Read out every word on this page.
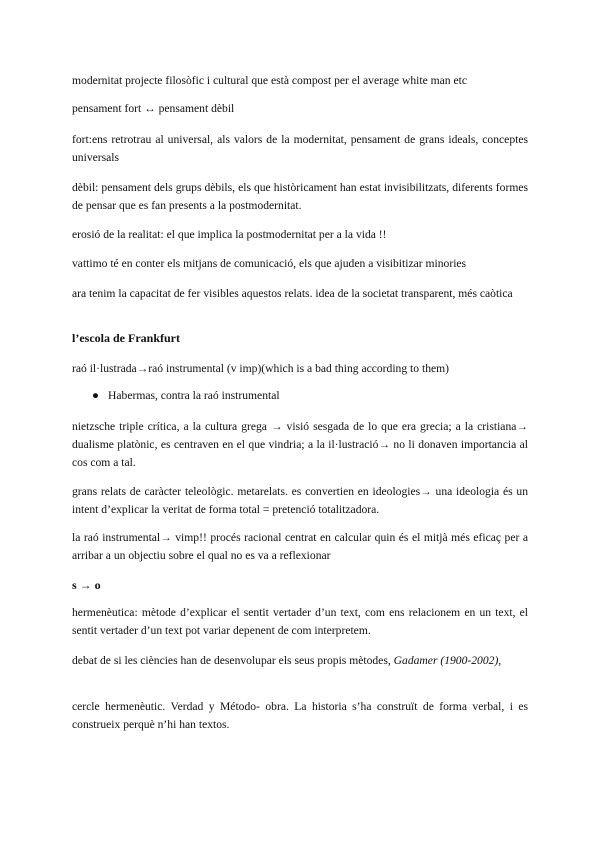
modernitat projecte filosòfic i cultural que està compost per el average white man etc

pensament fort ↔ pensament dèbil

fort:ens retrotrau al universal, als valors de la modernitat, pensament de grans ideals, conceptes universals

dèbil: pensament dels grups dèbils, els que històricament han estat invisibilitzats, diferents formes de pensar que es fan presents a la postmodernitat.

erosió de la realitat: el que implica la postmodernitat per a la vida !!

vattimo té en conter els mitjans de comunicació, els que ajuden a visibitizar minories

ara tenim la capacitat de fer visibles aquestos relats. idea de la societat transparent, més caòtica

l’escola de Frankfurt

raó il·lustrada→raó instrumental (v imp)(which is a bad thing according to them)

● Habermas, contra la raó instrumental

nietzsche triple crítica, a la cultura grega → visió sesgada de lo que era grecia; a la cristiana→ dualisme platònic, es centraven en el que vindria; a la il·lustració→ no li donaven importancia al cos com a tal.

grans relats de caràcter teleològic. metarelats. es convertien en ideologies→ una ideologia és un intent d’explicar la veritat de forma total = pretenció totalitzadora.

la raó instrumental→ vimp!! procés racional centrat en calcular quin és el mitjà més eficaç per a arribar a un objectiu sobre el qual no es va a reflexionar

s → o

hermenèutica: mètode d’explicar el sentit vertader d’un text, com ens relacionem en un text, el sentit vertader d’un text pot variar depenent de com interpretem.

debat de si les ciències han de desenvolupar els seus propis mètodes, Gadamer (1900-2002),

cercle hermenèutic. Verdad y Método- obra. La historia s’ha construït de forma verbal, i es construeix perquè n’hi han textos.
